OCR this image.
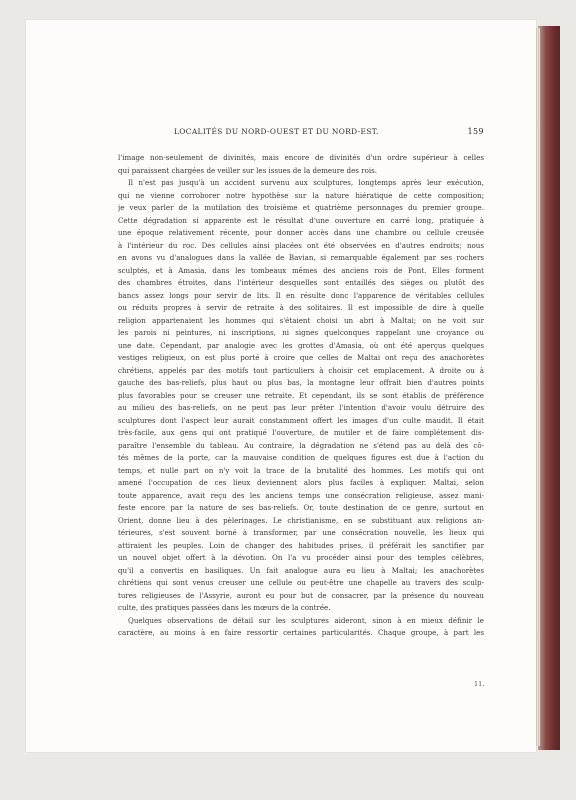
LOCALITÉS DU NORD-OUEST ET DU NORD-EST.	159
l'image non-seulement de divinités, mais encore de divinités d'un ordre supérieur à celles
qui paraissent chargées de veiller sur les issues de la demeure des rois.
Il n'est pas jusqu'à un accident survenu aux sculptures, longtemps après leur exécution,
qui ne vienne corroborer notre hypothèse sur la nature hiératique de cette composition;
je veux parler de la mutilation des troisième et quatrième personnages du premier groupe.
Cette dégradation si apparente est le résultat d'une ouverture en carré long, pratiquée à
une époque relativement récente, pour donner accès dans une chambre ou cellule creusée
à l'intérieur du roc. Des cellules ainsi placées ont été observées en d'autres endroits; nous
en avons vu d'analogues dans la vallée de Bavian, si remarquable également par ses rochers
sculptés, et à Amasia, dans les tombeaux mêmes des anciens rois de Pont. Elles forment
des chambres étroites, dans l'intérieur desquelles sont entaillés des sièges ou plutôt des
bancs assez longs pour servir de lits. Il en résulte donc l'apparence de véritables cellules
ou réduits propres à servir de retraite à des solitaires. Il est impossible de dire à quelle
religion appartenaient les hommes qui s'étaient choisi un abri à Maltai; on ne voit sur
les parois ni peintures, ni inscriptions, ni signes quelconques rappelant une croyance ou
une date. Cependant, par analogie avec les grottes d'Amasia, où ont été aperçus quelques
vestiges religieux, on est plus porté à croire que celles de Maltai ont reçu des anachorètes
chrétiens, appelés par des motifs tout particuliers à choisir cet emplacement. A droite ou à
gauche des bas-reliefs, plus haut ou plus bas, la montagne leur offrait bien d'autres points
plus favorables pour se creuser une retraite. Et cependant, ils se sont établis de préférence
au milieu des bas-reliefs, on ne peut pas leur prêter l'intention d'avoir voulu détruire des
sculptures dont l'aspect leur aurait constamment offert les images d'un culte maudit. Il était
très-facile, aux gens qui ont pratiqué l'ouverture, de mutiler et de faire complétement dis-
paraître l'ensemble du tableau. Au contraire, la dégradation ne s'étend pas au delà des cô-
tés mêmes de la porte, car la mauvaise condition de quelques figures est due à l'action du
temps, et nulle part on n'y voit la trace de la brutalité des hommes. Les motifs qui ont
amené l'occupation de ces lieux deviennent alors plus faciles à expliquer. Maltai, selon
toute apparence, avait reçu des les anciens temps une consécration religieuse, assez mani-
feste encore par la nature de ses bas-reliefs. Or, toute destination de ce genre, surtout en
Orient, donne lieu à des pèlerinages. Le christianisme, en se substituant aux religions an-
térieures, s'est souvent borné à transformer, par une consécration nouvelle, les lieux qui
attiraient les peuples. Loin de changer des habitudes prises, il préférait les sanctifier par
un nouvel objet offert à la dévotion. On l'a vu procéder ainsi pour des temples célèbres,
qu'il a convertis en basiliques. Un fait analogue aura eu lieu à Maltai; les anachorètes
chrétiens qui sont venus creuser une cellule ou peut-être une chapelle au travers des sculp-
tures religieuses de l'Assyrie, auront eu pour but de consacrer, par la présence du nouveau
culte, des pratiques passées dans les mœurs de la contrée.
Quelques observations de détail sur les sculptures aideront, sinon à en mieux définir le
caractère, au moins à en faire ressortir certaines particularités. Chaque groupe, à part les
11.
